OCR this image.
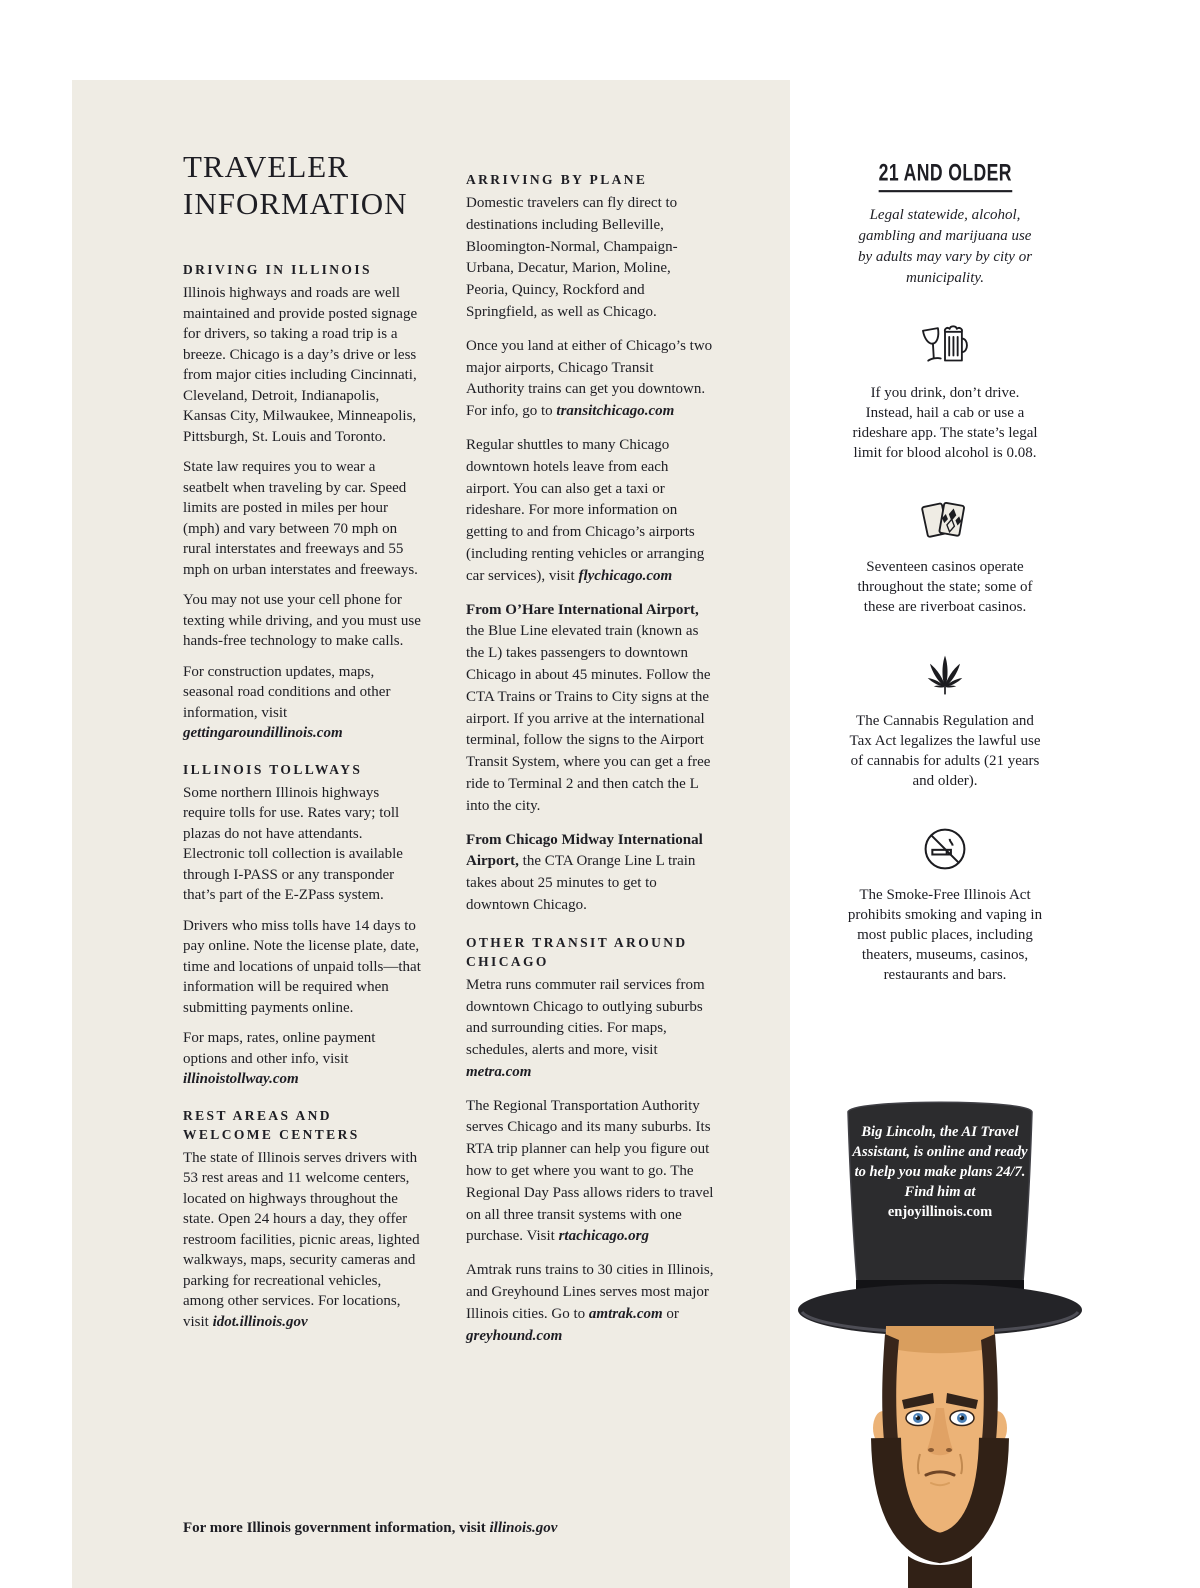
TRAVELER
INFORMATION
DRIVING IN ILLINOIS

Illinois highways and roads are well maintained and provide posted signage for drivers, so taking a road trip is a breeze. Chicago is a day’s drive or less from major cities including Cincinnati, Cleveland, Detroit, Indianapolis, Kansas City, Milwaukee, Minneapolis, Pittsburgh, St. Louis and Toronto.

State law requires you to wear a seatbelt when traveling by car. Speed limits are posted in miles per hour (mph) and vary between 70 mph on rural interstates and freeways and 55 mph on urban interstates and freeways.

You may not use your cell phone for texting while driving, and you must use hands-free technology to make calls.

For construction updates, maps, seasonal road conditions and other information, visit gettingaroundillinois.com

ILLINOIS TOLLWAYS

Some northern Illinois highways require tolls for use. Rates vary; toll plazas do not have attendants. Electronic toll collection is available through I-PASS or any transponder that’s part of the E-ZPass system.

Drivers who miss tolls have 14 days to pay online. Note the license plate, date, time and locations of unpaid tolls—that information will be required when submitting payments online.

For maps, rates, online payment options and other info, visit illinoistollway.com

REST AREAS AND WELCOME CENTERS

The state of Illinois serves drivers with 53 rest areas and 11 welcome centers, located on highways throughout the state. Open 24 hours a day, they offer restroom facilities, picnic areas, lighted walkways, maps, security cameras and parking for recreational vehicles, among other services. For locations, visit idot.illinois.gov

ARRIVING BY PLANE

Domestic travelers can fly direct to destinations including Belleville, Bloomington-Normal, Champaign-Urbana, Decatur, Marion, Moline, Peoria, Quincy, Rockford and Springfield, as well as Chicago.

Once you land at either of Chicago’s two major airports, Chicago Transit Authority trains can get you downtown. For info, go to transitchicago.com

Regular shuttles to many Chicago downtown hotels leave from each airport. You can also get a taxi or rideshare. For more information on getting to and from Chicago’s airports (including renting vehicles or arranging car services), visit flychicago.com

From O’Hare International Airport, the Blue Line elevated train (known as the L) takes passengers to downtown Chicago in about 45 minutes. Follow the CTA Trains or Trains to City signs at the airport. If you arrive at the international terminal, follow the signs to the Airport Transit System, where you can get a free ride to Terminal 2 and then catch the L into the city.

From Chicago Midway International Airport, the CTA Orange Line L train takes about 25 minutes to get to downtown Chicago.

OTHER TRANSIT AROUND CHICAGO

Metra runs commuter rail services from downtown Chicago to outlying suburbs and surrounding cities. For maps, schedules, alerts and more, visit metra.com

The Regional Transportation Authority serves Chicago and its many suburbs. Its RTA trip planner can help you figure out how to get where you want to go. The Regional Day Pass allows riders to travel on all three transit systems with one purchase. Visit rtachicago.org

Amtrak runs trains to 30 cities in Illinois, and Greyhound Lines serves most major Illinois cities. Go to amtrak.com or greyhound.com

21 AND OLDER

Legal statewide, alcohol, gambling and marijuana use by adults may vary by city or municipality.

If you drink, don’t drive. Instead, hail a cab or use a rideshare app. The state’s legal limit for blood alcohol is 0.08.

Seventeen casinos operate throughout the state; some of these are riverboat casinos.

The Cannabis Regulation and Tax Act legalizes the lawful use of cannabis for adults (21 years and older).

The Smoke-Free Illinois Act prohibits smoking and vaping in most public places, including theaters, museums, casinos, restaurants and bars.

Big Lincoln, the AI Travel Assistant, is online and ready to help you make plans 24/7. Find him at enjoyillinois.com
For more Illinois government information, visit illinois.gov
